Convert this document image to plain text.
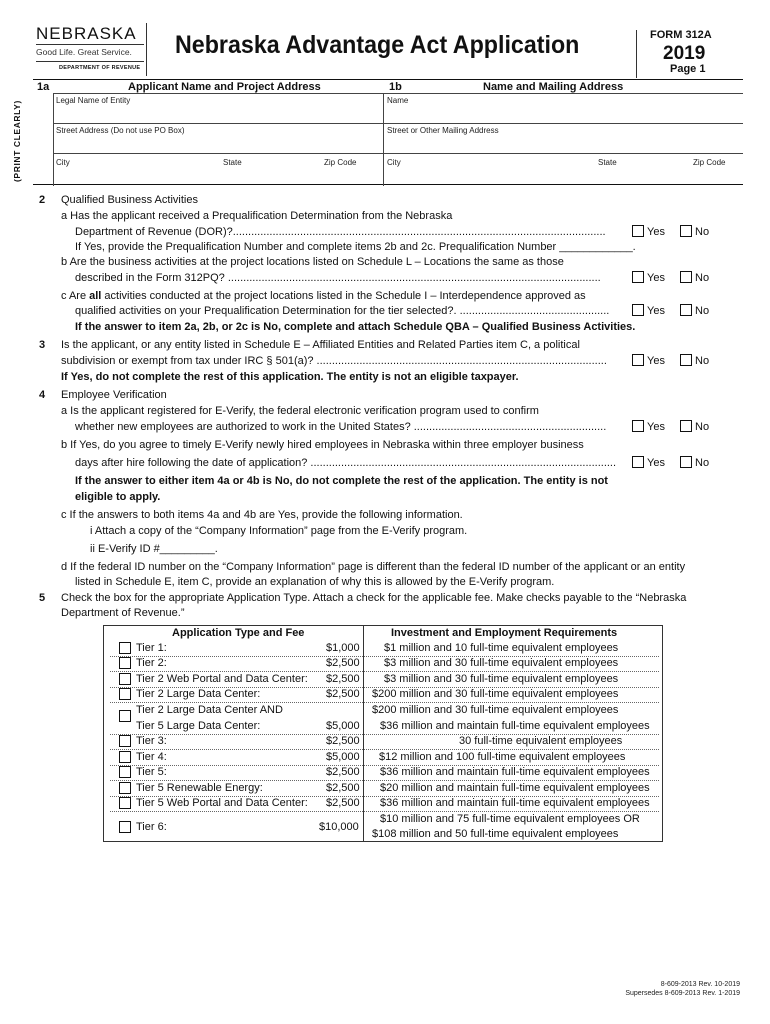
NEBRASKA
Good Life. Great Service.
DEPARTMENT OF REVENUE
Nebraska Advantage Act Application	FORM 312A
2019
Page 1
(PRINT CLEARLY)
1a	Applicant Name and Project Address	1b	Name and Mailing Address
Legal Name of Entity
Street Address (Do not use PO Box)
City	State	Zip Code
Name
Street or Other Mailing Address
City	State	Zip Code
2 Qualified Business Activities
a Has the applicant received a Prequalification Determination from the Nebraska
Department of Revenue (DOR)?..........................................................................................................................	Yes	No
If Yes, provide the Prequalification Number and complete items 2b and 2c. Prequalification Number ____________.
b Are the business activities at the project locations listed on Schedule L – Locations the same as those
described in the Form 312PQ? ..........................................................................................................................	Yes	No
c Are all activities conducted at the project locations listed in the Schedule I – Interdependence approved as
qualified activities on your Prequalification Determination for the tier selected?. .................................................	Yes	No
If the answer to item 2a, 2b, or 2c is No, complete and attach Schedule QBA – Qualified Business Activities.
3 Is the applicant, or any entity listed in Schedule E – Affiliated Entities and Related Parties item C, a political
subdivision or exempt from tax under IRC § 501(a)? ...............................................................................................	Yes	No
If Yes, do not complete the rest of this application. The entity is not an eligible taxpayer.
4 Employee Verification
a Is the applicant registered for E-Verify, the federal electronic verification program used to confirm
whether new employees are authorized to work in the United States? ...............................................................	Yes	No
b If Yes, do you agree to timely E-Verify newly hired employees in Nebraska within three employer business
days after hire following the date of application? ....................................................................................................	Yes	No
If the answer to either item 4a or 4b is No, do not complete the rest of the application. The entity is not
eligible to apply.
c If the answers to both items 4a and 4b are Yes, provide the following information.
i Attach a copy of the “Company Information” page from the E-Verify program.
ii E-Verify ID #_________.
d If the federal ID number on the “Company Information” page is different than the federal ID number of the applicant or an entity
listed in Schedule E, item C, provide an explanation of why this is allowed by the E-Verify program.
5 Check the box for the appropriate Application Type. Attach a check for the applicable fee. Make checks payable to the “Nebraska
Department of Revenue.”
Application Type and Fee	Investment and Employment Requirements
Tier 1:	$1,000 $1 million and 10 full-time equivalent employees
Tier 2:	$2,500 $3 million and 30 full-time equivalent employees
Tier 2 Web Portal and Data Center: $2,500 $3 million and 30 full-time equivalent employees
Tier 2 Large Data Center:	$2,500 $200 million and 30 full-time equivalent employees
Tier 2 Large Data Center AND
Tier 5 Large Data Center:	$5,000
$200 million and 30 full-time equivalent employees
$36 million and maintain full-time equivalent employees
Tier 3:	$2,500	30 full-time equivalent employees
Tier 4:	$5,000 $12 million and 100 full-time equivalent employees
Tier 5:	$2,500 $36 million and maintain full-time equivalent employees
Tier 5 Renewable Energy:	$2,500 $20 million and maintain full-time equivalent employees
Tier 5 Web Portal and Data Center: $2,500 $36 million and maintain full-time equivalent employees
Tier 6:	$10,000
$10 million and 75 full-time equivalent employees OR
$108 million and 50 full-time equivalent employees
8-609-2013 Rev. 10-2019
Supersedes 8-609-2013 Rev. 1-2019
